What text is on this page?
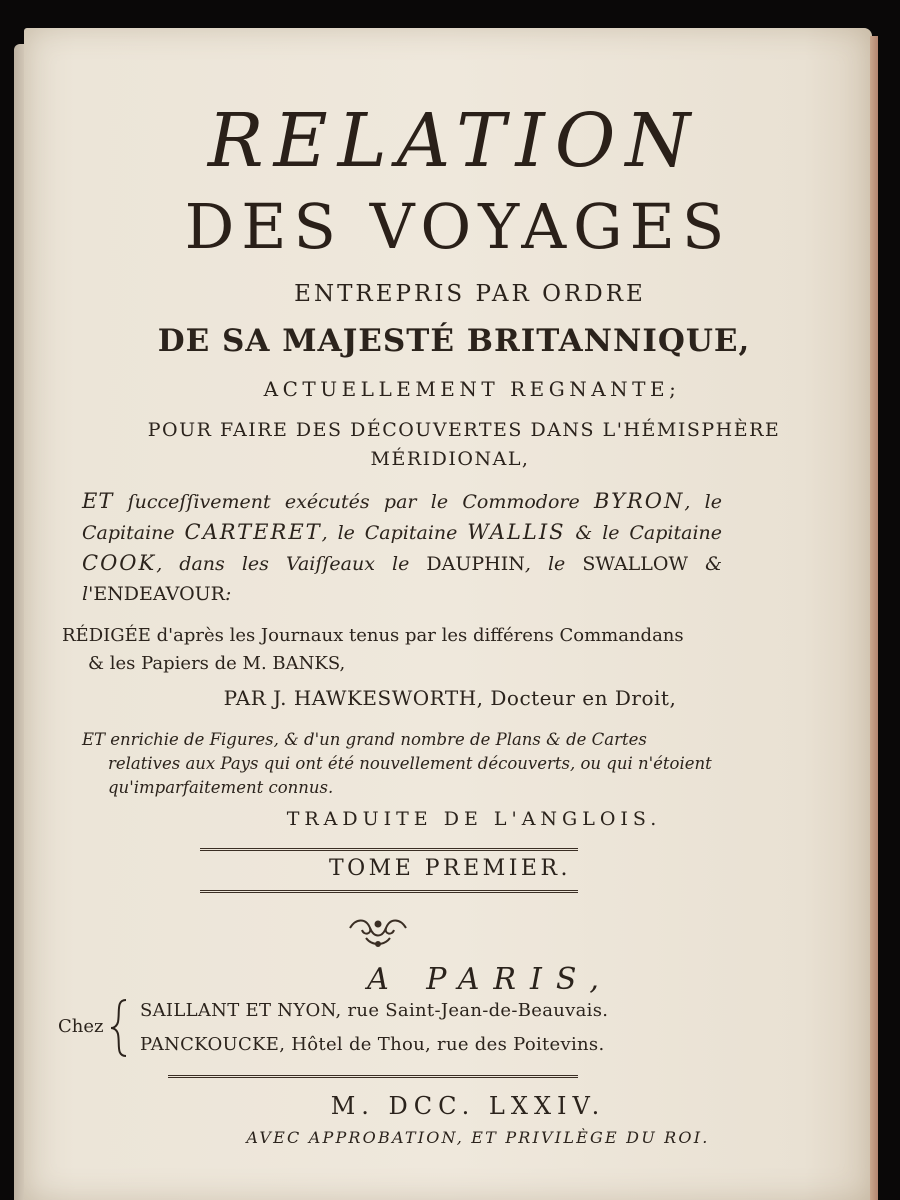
RELATION
DES VOYAGES
ENTREPRIS PAR ORDRE
DE SA MAJESTÉ BRITANNIQUE,
ACTUELLEMENT REGNANTE;
POUR FAIRE DES DÉCOUVERTES DANS L'HÉMISPHÈRE
MÉRIDIONAL,
ET ſucceſſivement exécutés par le Commodore BYRON, le Capitaine CARTERET, le Capitaine WALLIS & le Capitaine COOK, dans les Vaiſſeaux le DAUPHIN, le SWALLOW & l'ENDEAVOUR:
RÉDIGÉE d'après les Journaux tenus par les différens Commandans
& les Papiers de M. BANKS,
PAR J. HAWKESWORTH, Docteur en Droit,
ET enrichie de Figures, & d'un grand nombre de Plans & de Cartes
relatives aux Pays qui ont été nouvellement découverts, ou qui n'étoient
qu'imparfaitement connus.
TRADUITE DE L'ANGLOIS.
TOME PREMIER.
A PARIS,
Chez
SAILLANT ET NYON, rue Saint-Jean-de-Beauvais.
PANCKOUCKE, Hôtel de Thou, rue des Poitevins.
M. DCC. LXXIV.
AVEC APPROBATION, ET PRIVILÈGE DU ROI.
